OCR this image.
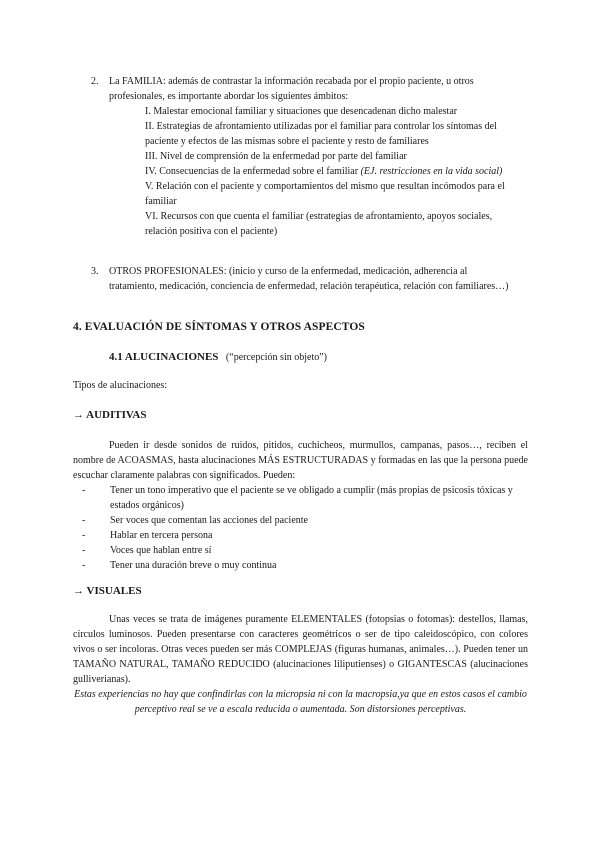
2. La FAMILIA: además de contrastar la información recabada por el propio paciente, u otros profesionales, es importante abordar los siguientes ámbitos:

I. Malestar emocional familiar y situaciones que desencadenan dicho malestar

II. Estrategias de afrontamiento utilizadas por el familiar para controlar los síntomas del paciente y efectos de las mismas sobre el paciente y resto de familiares

III. Nivel de comprensión de la enfermedad por parte del familiar

IV. Consecuencias de la enfermedad sobre el familiar (EJ. restricciones en la vida social)

V. Relación con el paciente y comportamientos del mismo que resultan incómodos para el familiar

VI. Recursos con que cuenta el familiar (estrategias de afrontamiento, apoyos sociales, relación positiva con el paciente)

3. OTROS PROFESIONALES: (inicio y curso de la enfermedad, medicación, adherencia al tratamiento, medicación, conciencia de enfermedad, relación terapéutica, relación con familiares…)

4. EVALUACIÓN DE SÍNTOMAS Y OTROS ASPECTOS
4.1 ALUCINACIONES (“percepción sin objeto”)
Tipos de alucinaciones:
→ AUDITIVAS

Pueden ir desde sonidos de ruidos, pitidos, cuchicheos, murmullos, campanas, pasos…, reciben el nombre de ACOASMAS, hasta alucinaciones MÁS ESTRUCTURADAS y formadas en las que la persona puede escuchar claramente palabras con significados. Pueden:

- Tener un tono imperativo que el paciente se ve obligado a cumplir (más propias de psicosis tóxicas y estados orgánicos)
- Ser voces que comentan las acciones del paciente
- Hablar en tercera persona
- Voces que hablan entre sí
- Tener una duración breve o muy continua
→ VISUALES

Unas veces se trata de imágenes puramente ELEMENTALES (fotopsias o fotomas): destellos, llamas, círculos luminosos. Pueden presentarse con caracteres geométricos o ser de tipo caleidoscópico, con colores vivos o ser incoloras. Otras veces pueden ser más COMPLEJAS (figuras humanas, animales…). Pueden tener un TAMAÑO NATURAL, TAMAÑO REDUCIDO (alucinaciones liliputienses) o GIGANTESCAS (alucinaciones gulliverianas).

Estas experiencias no hay que confindirlas con la micropsia ni con la macropsia,ya que en estos casos el cambio perceptivo real se ve a escala reducida o aumentada. Son distorsiones perceptivas.
